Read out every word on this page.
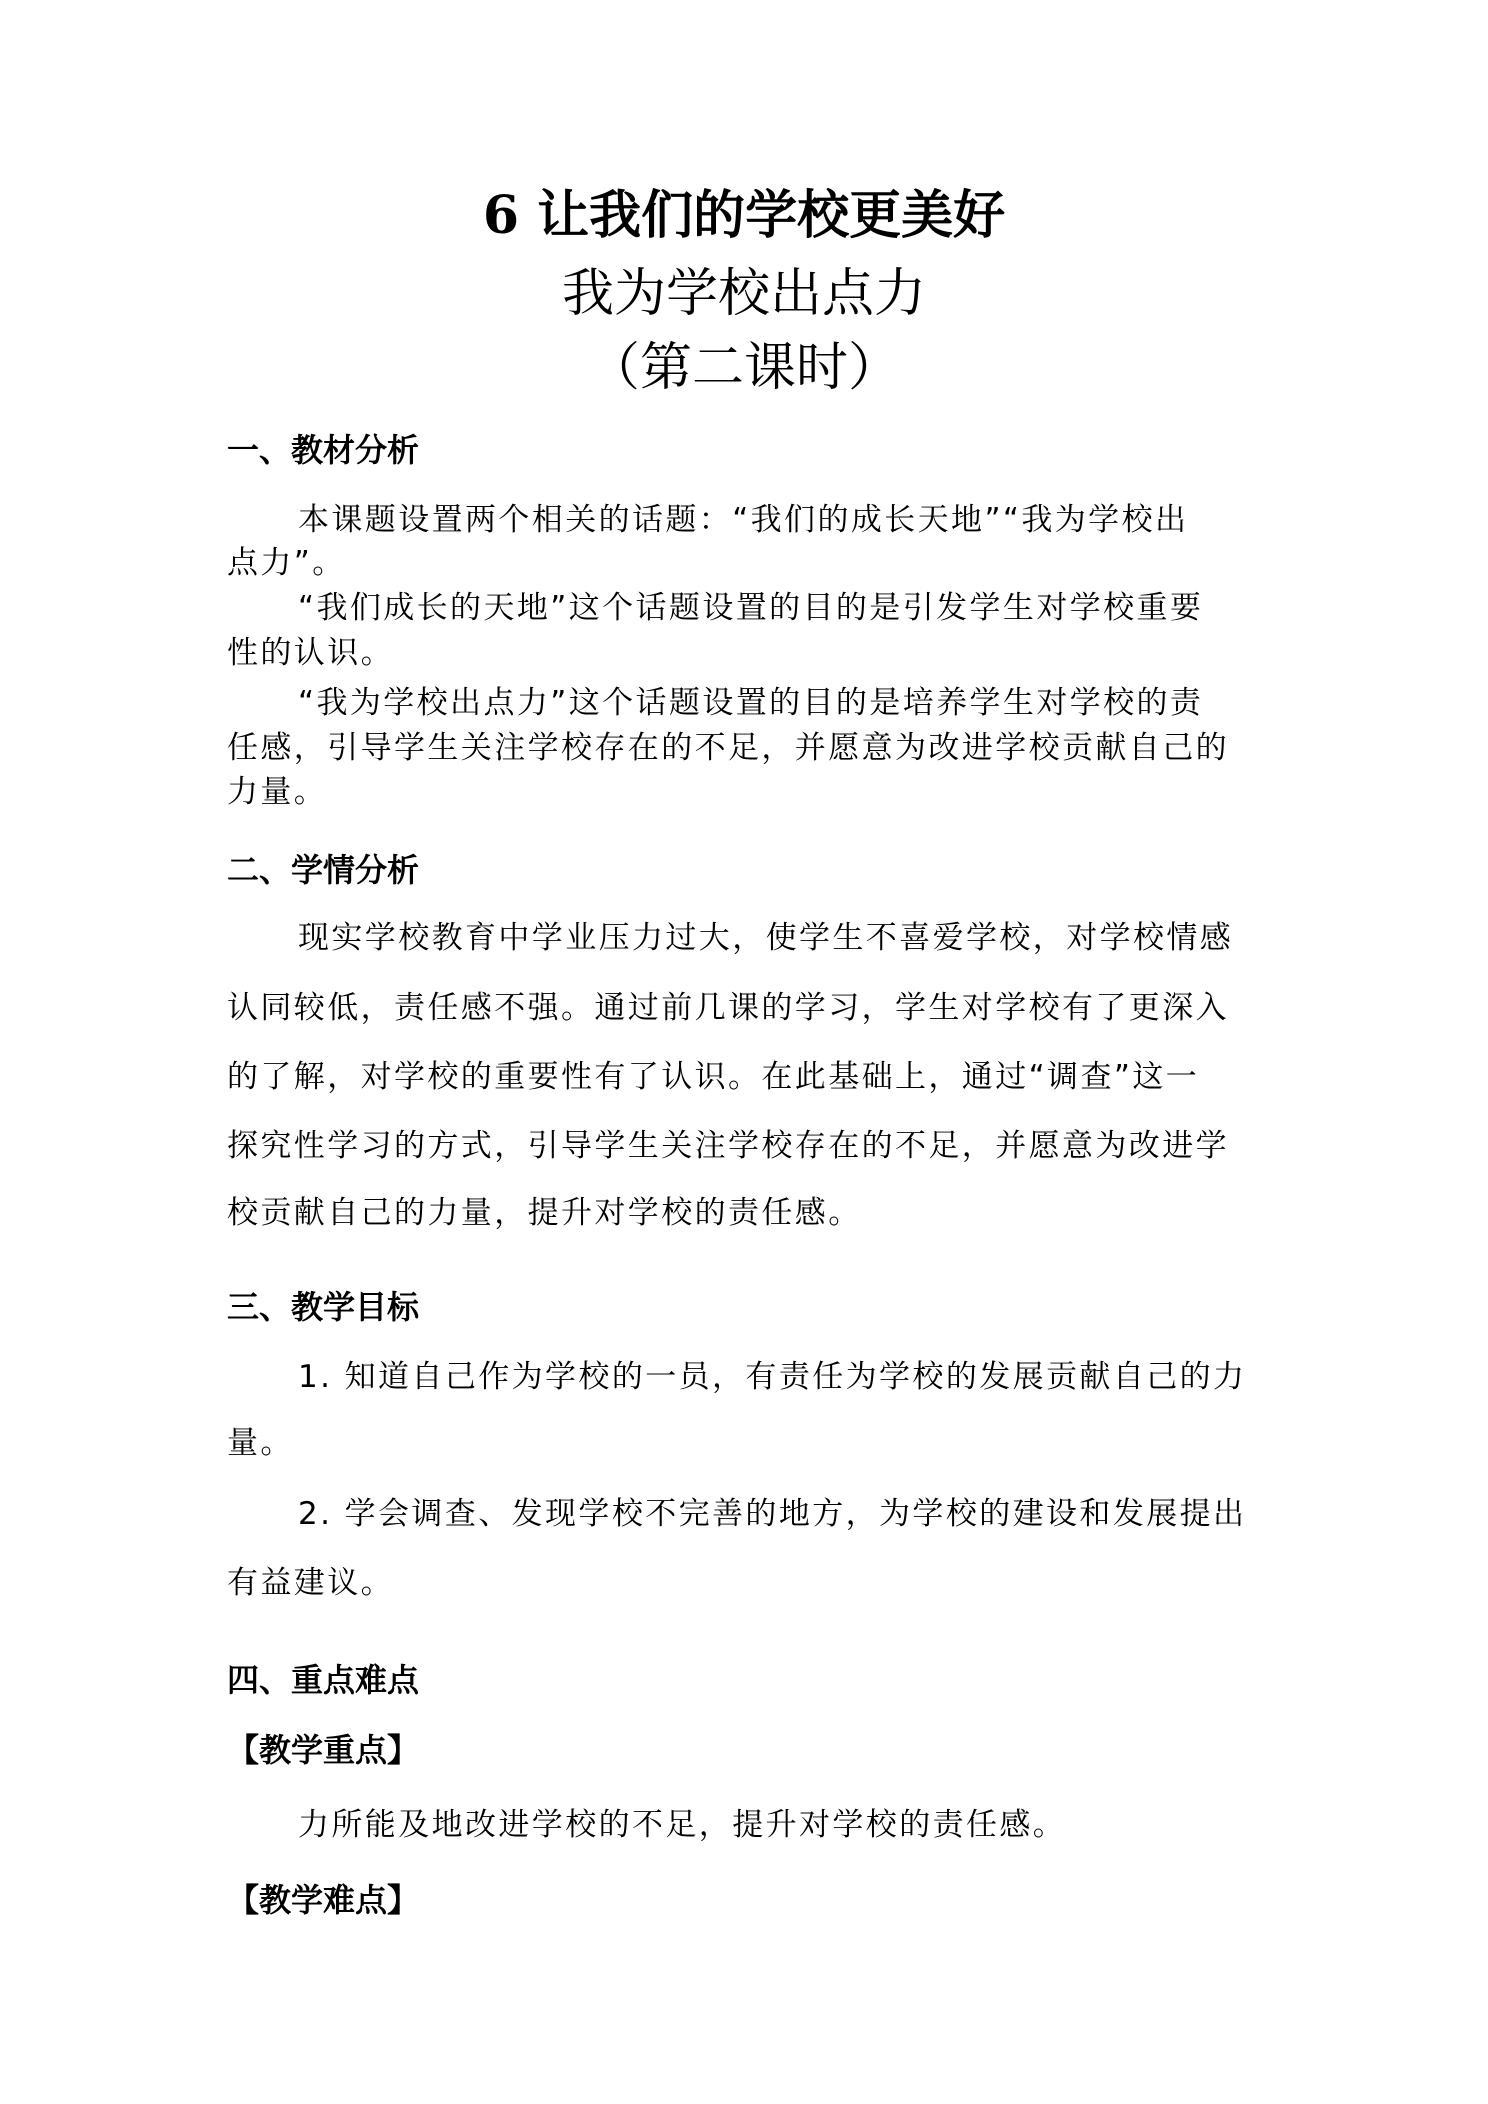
6 让我们的学校更美好
我为学校出点力
（第二课时）
一、教材分析
本课题设置两个相关的话题：“我们的成长天地”“我为学校出
点力”。
“我们成长的天地”这个话题设置的目的是引发学生对学校重要
性的认识。
“我为学校出点力”这个话题设置的目的是培养学生对学校的责
任感，引导学生关注学校存在的不足，并愿意为改进学校贡献自己的
力量。
二、学情分析
现实学校教育中学业压力过大，使学生不喜爱学校，对学校情感
认同较低，责任感不强。通过前几课的学习，学生对学校有了更深入
的了解，对学校的重要性有了认识。在此基础上，通过“调查”这一
探究性学习的方式，引导学生关注学校存在的不足，并愿意为改进学
校贡献自己的力量，提升对学校的责任感。
三、教学目标
1. 知道自己作为学校的一员，有责任为学校的发展贡献自己的力
量。
2. 学会调查、发现学校不完善的地方，为学校的建设和发展提出
有益建议。
四、重点难点
【教学重点】
力所能及地改进学校的不足，提升对学校的责任感。
【教学难点】
